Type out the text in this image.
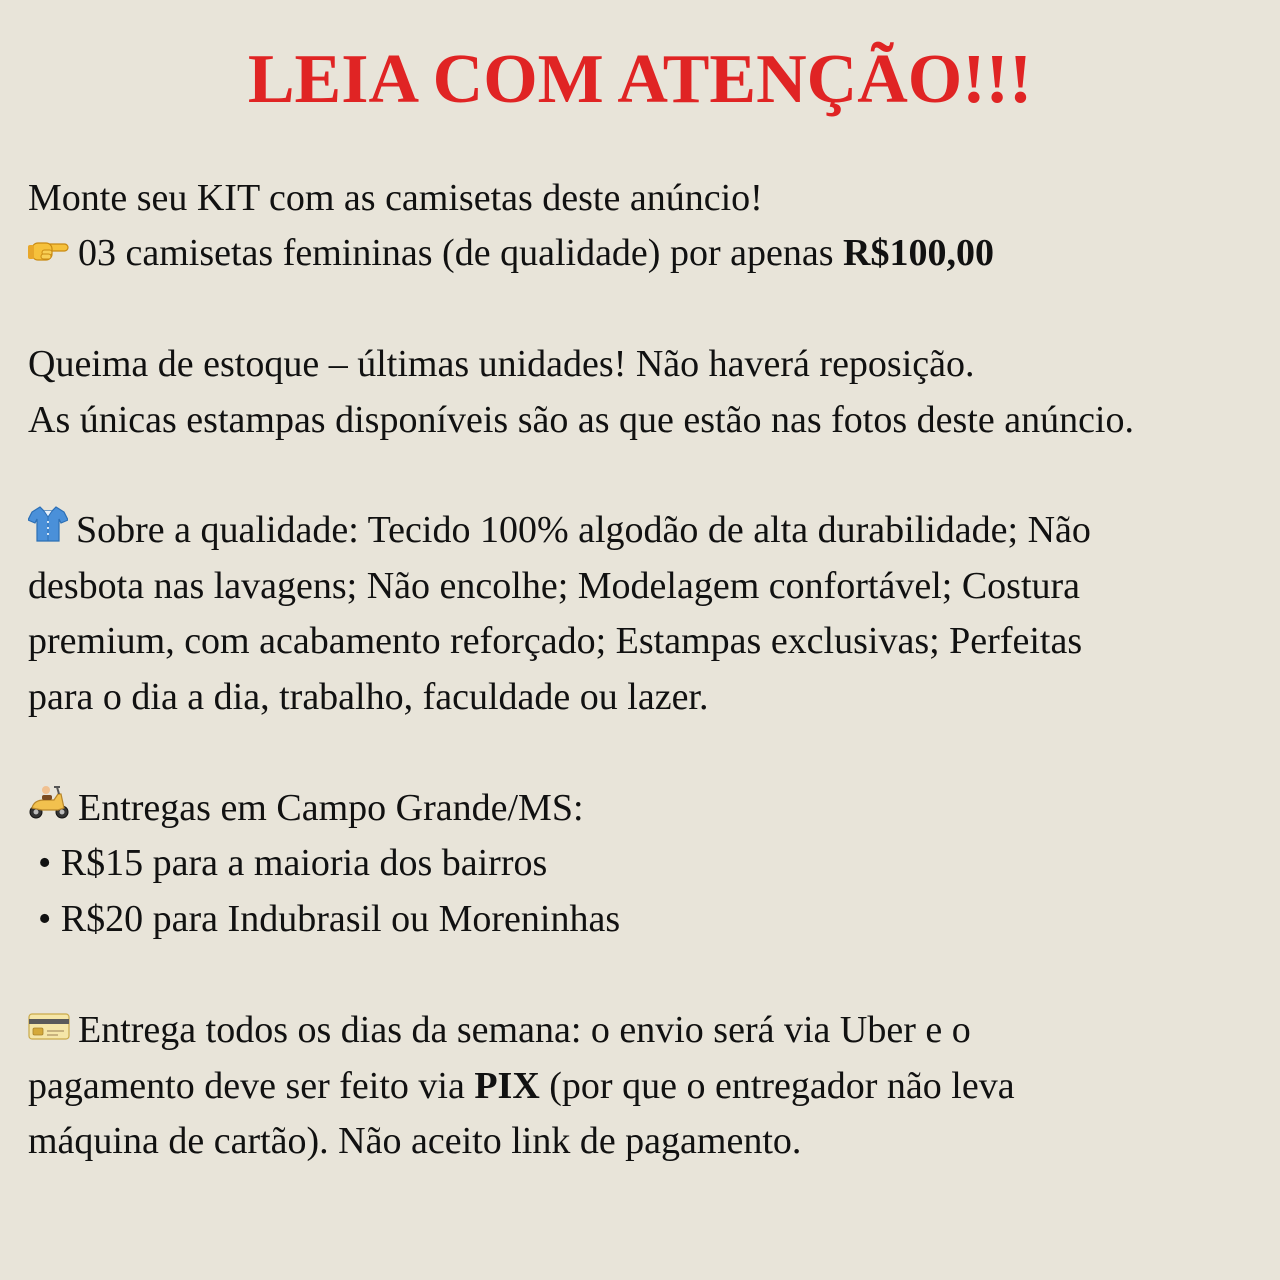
LEIA COM ATENÇÃO!!!

Monte seu KIT com as camisetas deste anúncio!

03 camisetas femininas (de qualidade) por apenas R$100,00

Queima de estoque – últimas unidades! Não haverá reposição.

As únicas estampas disponíveis são as que estão nas fotos deste anúncio.

Sobre a qualidade: Tecido 100% algodão de alta durabilidade; Não

desbota nas lavagens; Não encolhe; Modelagem confortável; Costura

premium, com acabamento reforçado; Estampas exclusivas; Perfeitas

para o dia a dia, trabalho, faculdade ou lazer.

Entregas em Campo Grande/MS:

• R$15 para a maioria dos bairros

• R$20 para Indubrasil ou Moreninhas

Entrega todos os dias da semana: o envio será via Uber e o

pagamento deve ser feito via PIX (por que o entregador não leva

máquina de cartão). Não aceito link de pagamento.
